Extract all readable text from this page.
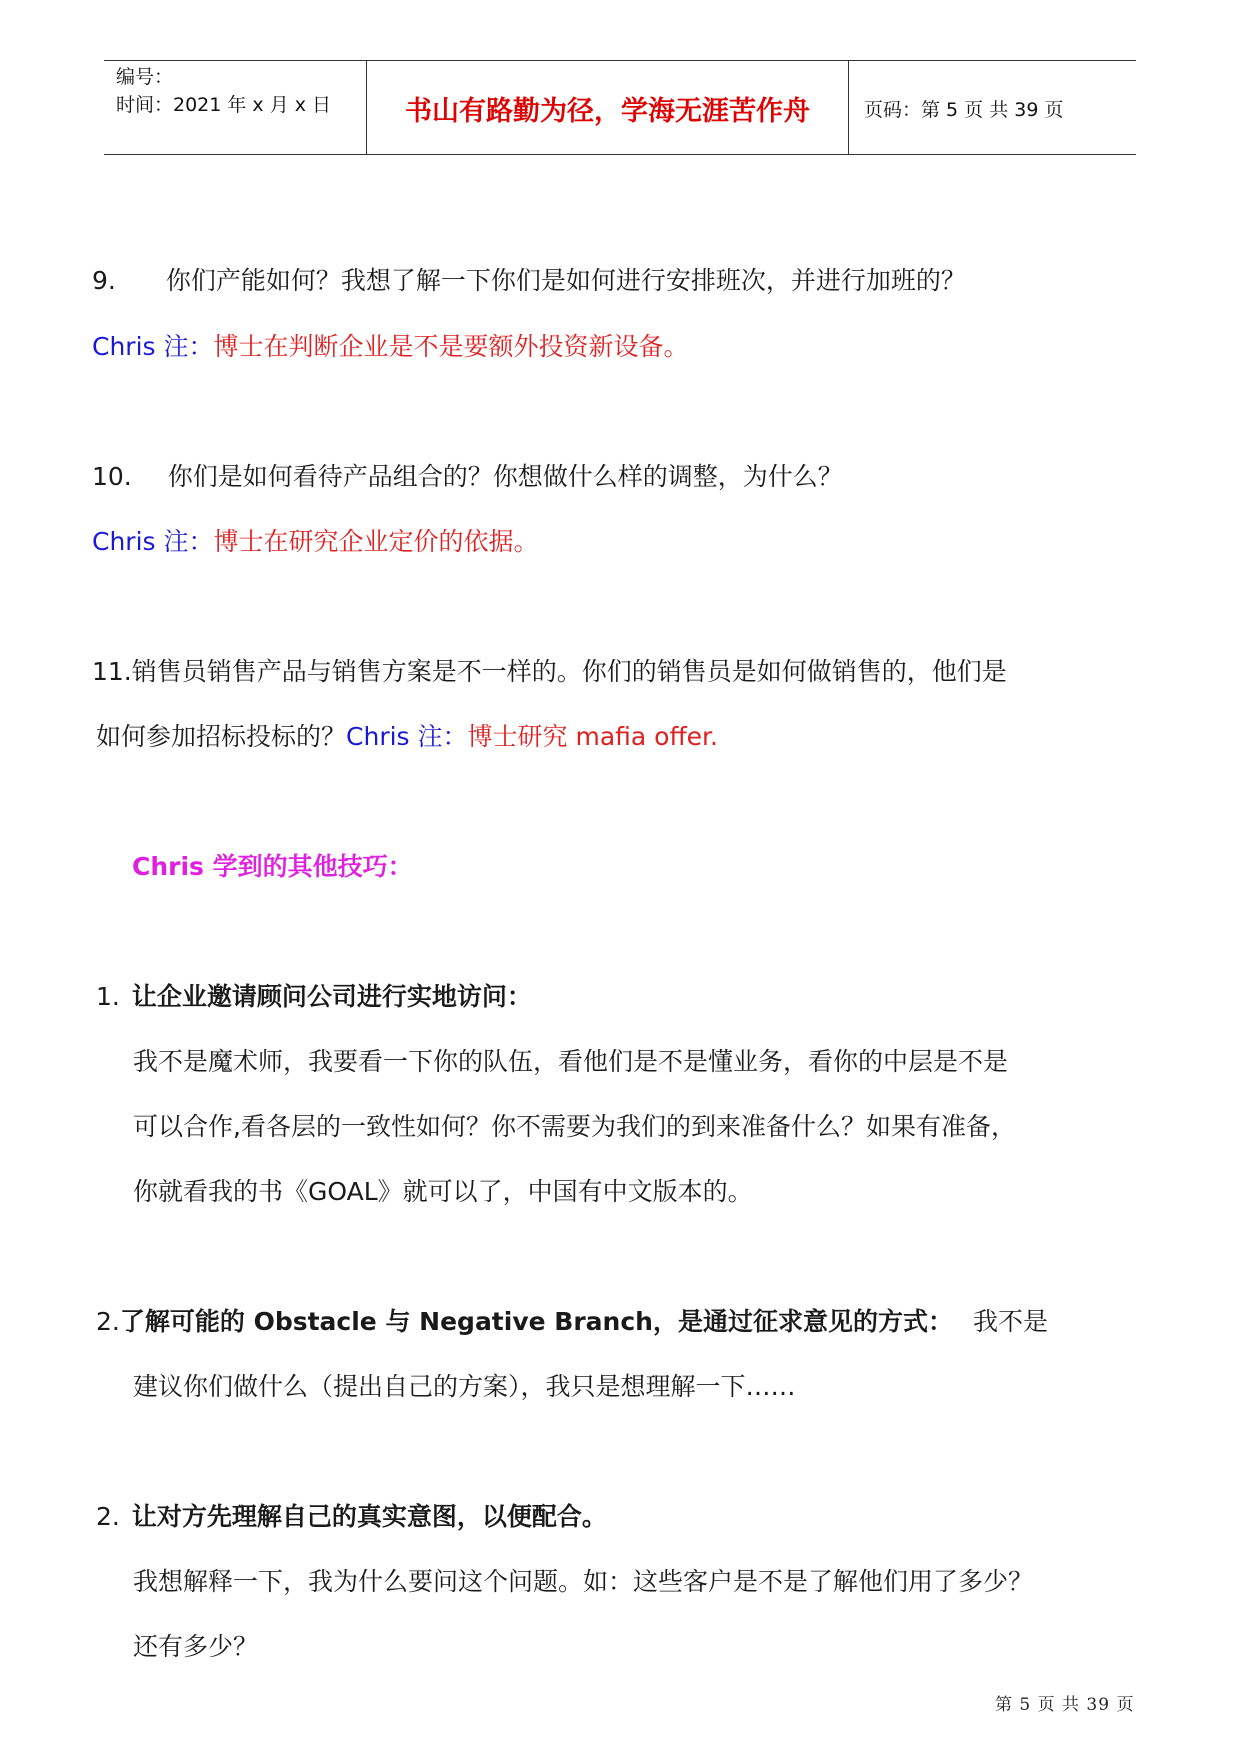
编号：
时间：2021 年 x 月 x 日	书山有路勤为径，学海无涯苦作舟	页码：第 5 页 共 39 页
9. 你们产能如何？我想了解一下你们是如何进行安排班次，并进行加班的？
Chris 注：博士在判断企业是不是要额外投资新设备。
10. 你们是如何看待产品组合的？你想做什么样的调整，为什么？
Chris 注：博士在研究企业定价的依据。
11.销售员销售产品与销售方案是不一样的。你们的销售员是如何做销售的，他们是
如何参加招标投标的？Chris 注：博士研究 mafia offer.
Chris 学到的其他技巧：
1. 让企业邀请顾问公司进行实地访问：
我不是魔术师，我要看一下你的队伍，看他们是不是懂业务，看你的中层是不是
可以合作,看各层的一致性如何？你不需要为我们的到来准备什么？如果有准备，
你就看我的书《GOAL》就可以了，中国有中文版本的。
2.了解可能的 Obstacle 与 Negative Branch，是通过征求意见的方式： 我不是
建议你们做什么（提出自己的方案），我只是想理解一下……
2. 让对方先理解自己的真实意图，以便配合。
我想解释一下，我为什么要问这个问题。如：这些客户是不是了解他们用了多少？
还有多少？
第 5 页 共 39 页
